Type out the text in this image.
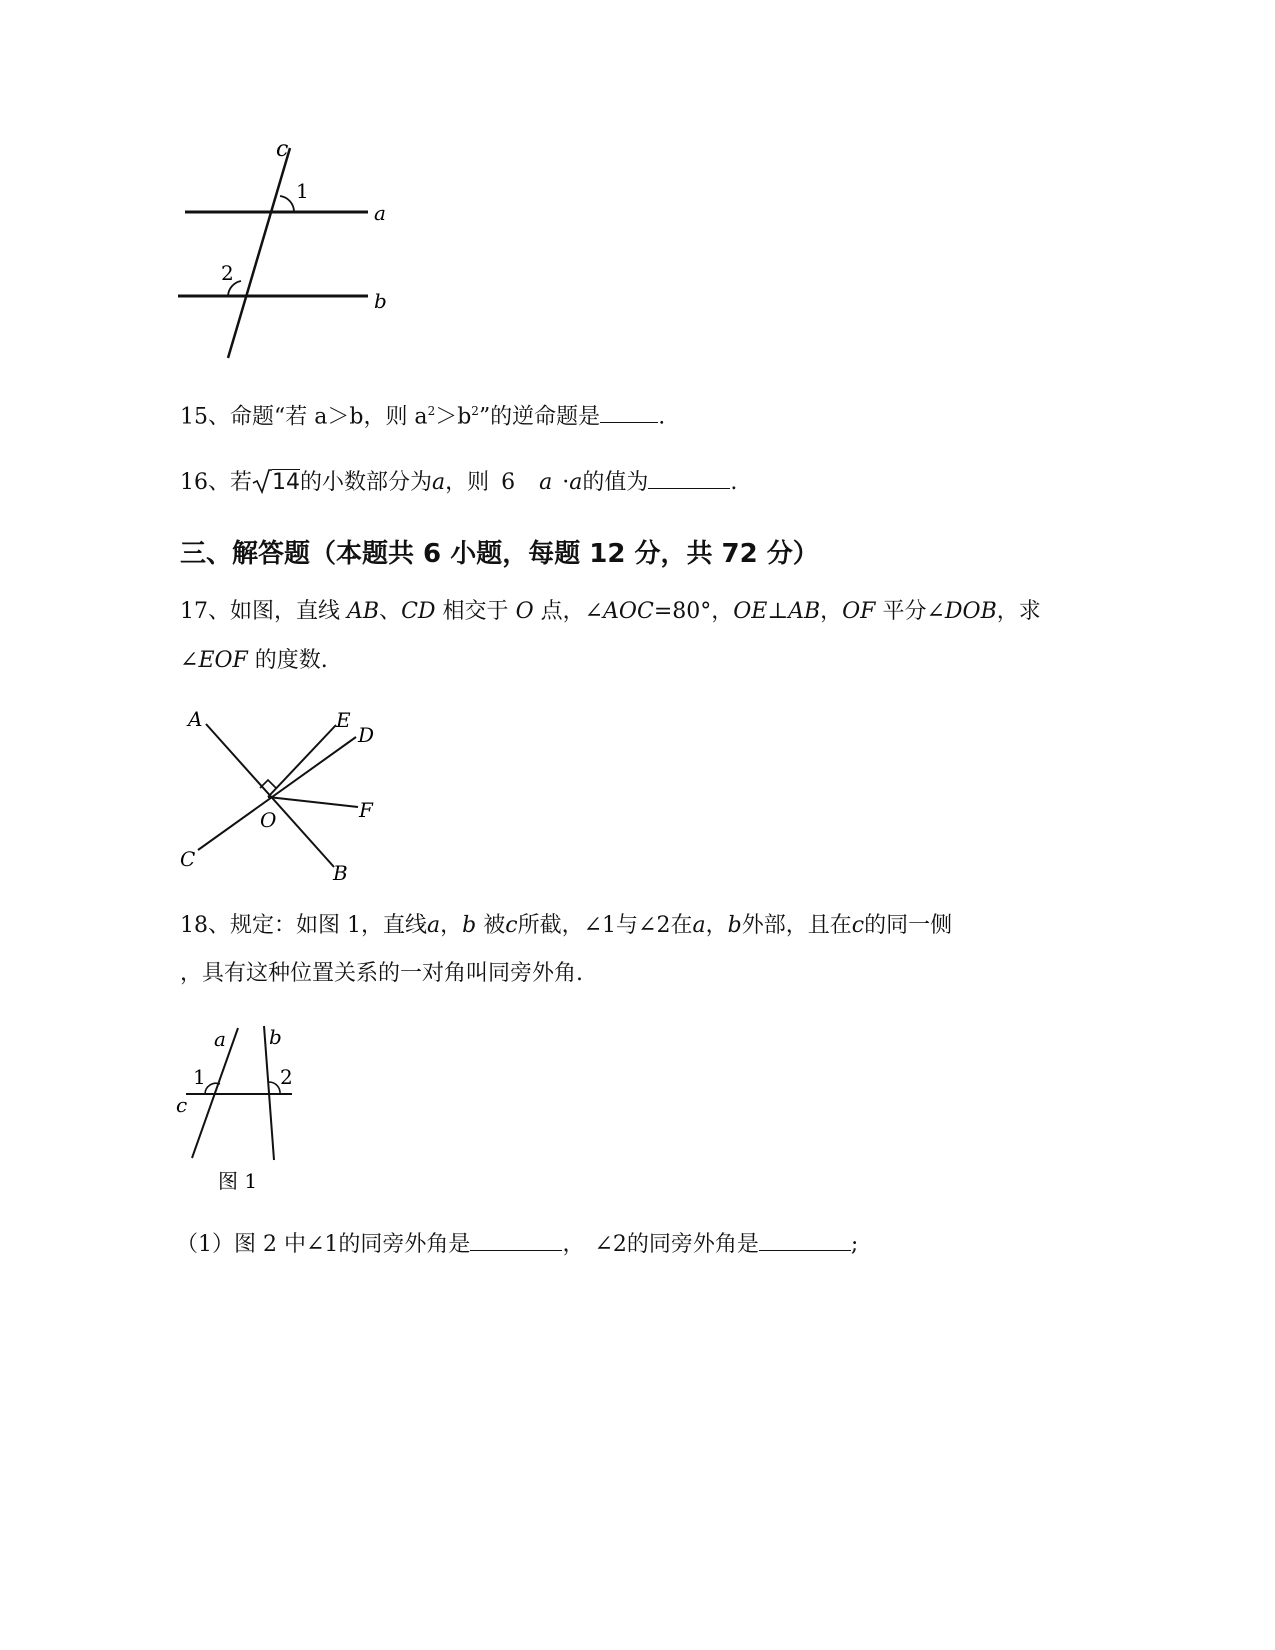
c
1
a
2
b
15、命题“若 a＞b，则 $a^2>b^2$”的逆命题是	.
16、若 14的小数部分为a，则 6 a ·a的值为	.
三、解答题（本题共 6 小题，每题 12 分，共 72 分）
17、如图，直线 AB、CD 相交于 O 点，∠AOC=80°，OE⊥AB，OF 平分∠DOB，求
∠EOF 的度数.
A	E
D
F
O
C
B
18、规定：如图 1，直线a，b 被c所截，∠1与∠2在a，b外部，且在c的同一侧
，具有这种位置关系的一对角叫同旁外角.
a b
1	2
c
图 1
（1）图 2 中∠1的同旁外角是	， ∠2的同旁外角是	;
